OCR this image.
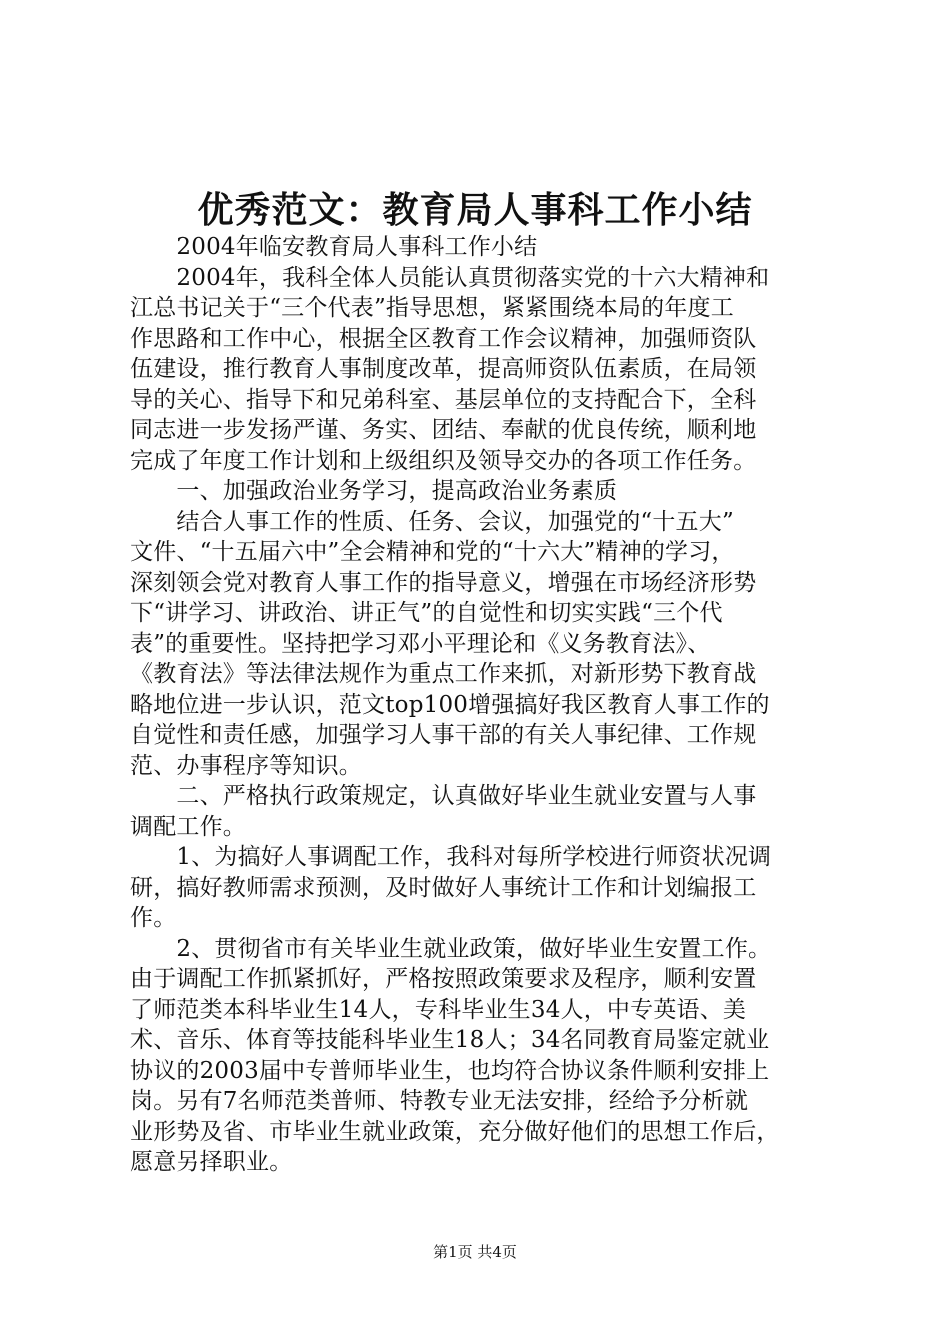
优秀范文：教育局人事科工作小结
　　2004年临安教育局人事科工作小结
　　2004年，我科全体人员能认真贯彻落实党的十六大精神和
江总书记关于“三个代表”指导思想，紧紧围绕本局的年度工
作思路和工作中心，根据全区教育工作会议精神，加强师资队
伍建设，推行教育人事制度改革，提高师资队伍素质，在局领
导的关心、指导下和兄弟科室、基层单位的支持配合下，全科
同志进一步发扬严谨、务实、团结、奉献的优良传统，顺利地
完成了年度工作计划和上级组织及领导交办的各项工作任务。
　　一、加强政治业务学习，提高政治业务素质
　　结合人事工作的性质、任务、会议，加强党的“十五大”
文件、“十五届六中”全会精神和党的“十六大”精神的学习，
深刻领会党对教育人事工作的指导意义，增强在市场经济形势
下“讲学习、讲政治、讲正气”的自觉性和切实实践“三个代
表”的重要性。坚持把学习邓小平理论和《义务教育法》、
《教育法》等法律法规作为重点工作来抓，对新形势下教育战
略地位进一步认识，范文top100增强搞好我区教育人事工作的
自觉性和责任感，加强学习人事干部的有关人事纪律、工作规
范、办事程序等知识。
　　二、严格执行政策规定，认真做好毕业生就业安置与人事
调配工作。
　　1、为搞好人事调配工作，我科对每所学校进行师资状况调
研，搞好教师需求预测，及时做好人事统计工作和计划编报工
作。
　　2、贯彻省市有关毕业生就业政策，做好毕业生安置工作。
由于调配工作抓紧抓好，严格按照政策要求及程序，顺利安置
了师范类本科毕业生14人，专科毕业生34人，中专英语、美
术、音乐、体育等技能科毕业生18人；34名同教育局鉴定就业
协议的2003届中专普师毕业生，也均符合协议条件顺利安排上
岗。另有7名师范类普师、特教专业无法安排，经给予分析就
业形势及省、市毕业生就业政策，充分做好他们的思想工作后，
愿意另择职业。
第1页 共4页
